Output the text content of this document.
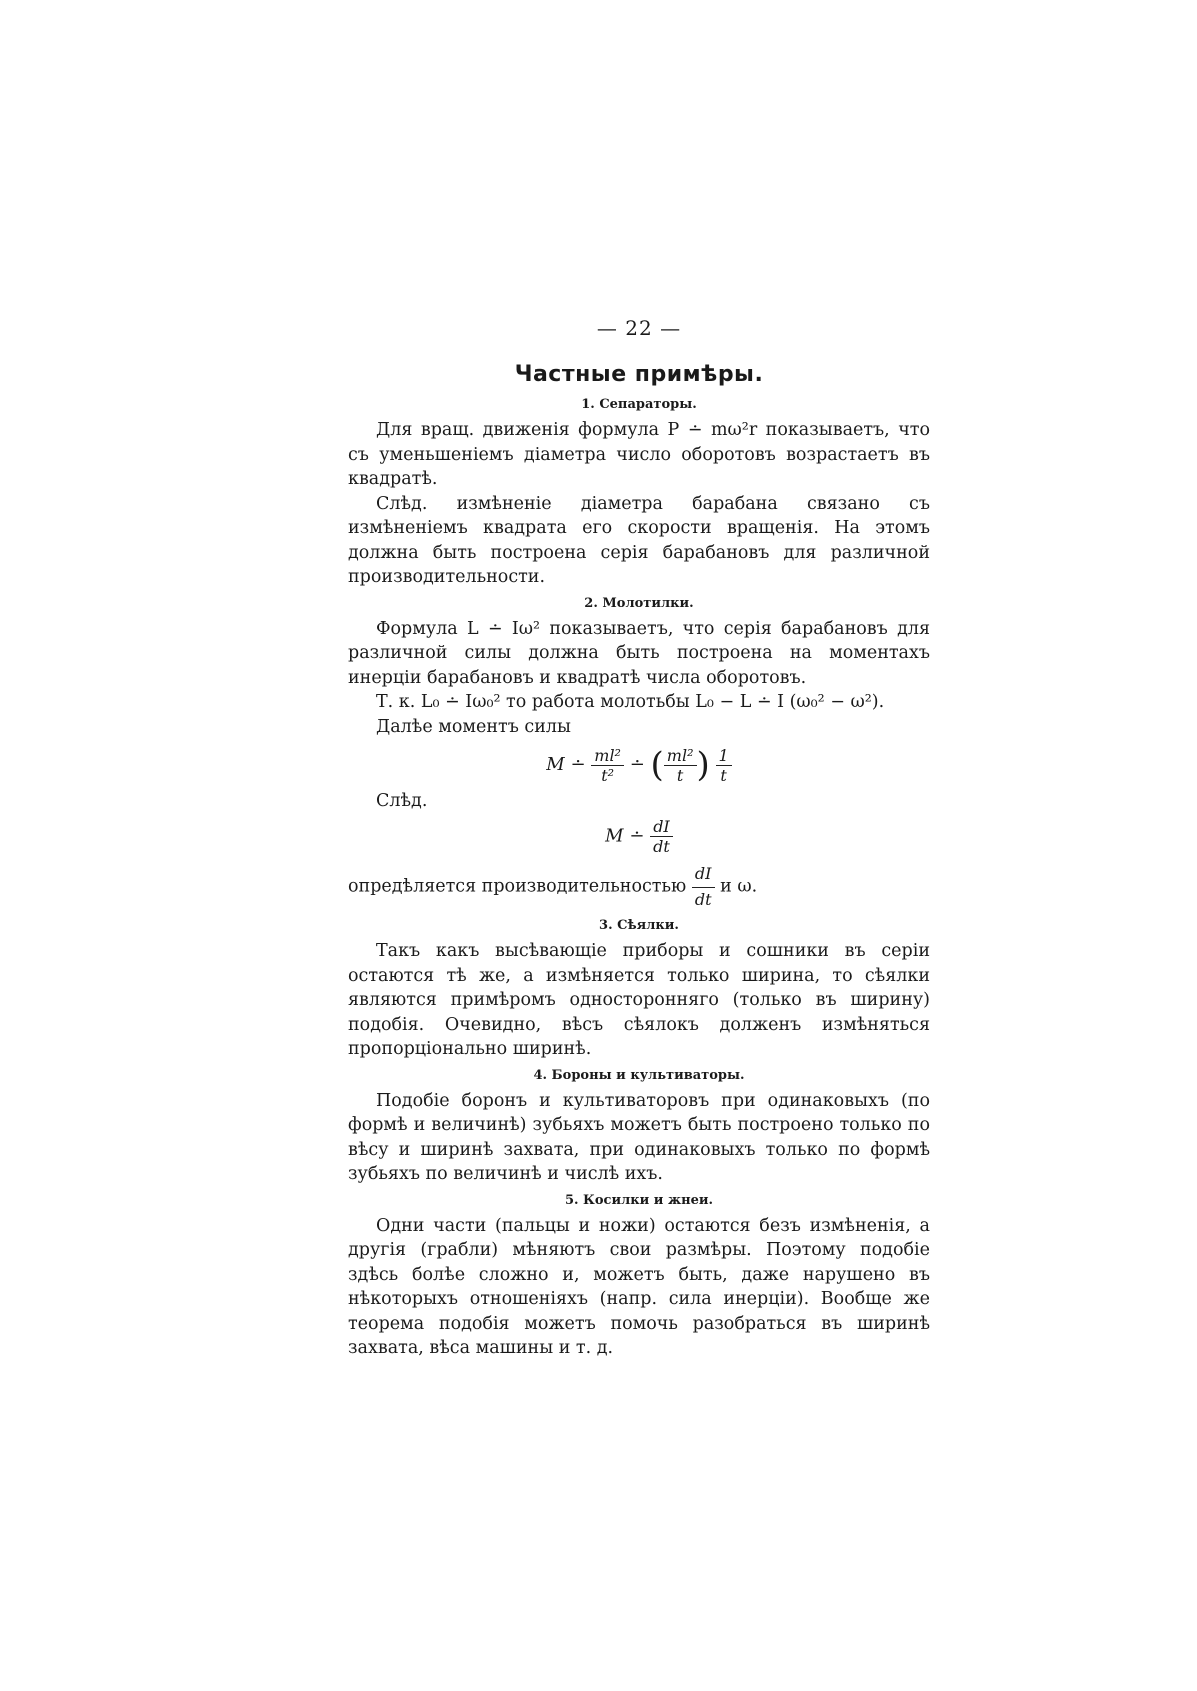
— 22 —
Частные примѣры.
1. Сепараторы.

Для вращ. движенія формула P ∸ mω²r показываетъ, что съ уменьшеніемъ діаметра число оборотовъ возрастаетъ въ квадратѣ.

Слѣд. измѣненіе діаметра барабана связано съ измѣненіемъ квадрата его скорости вращенія. На этомъ должна быть построена серія барабановъ для различной производительности.

2. Молотилки.

Формула L ∸ Iω² показываетъ, что серія барабановъ для различной силы должна быть построена на моментахъ инерціи барабановъ и квадратѣ числа оборотовъ.

Т. к. L₀ ∸ Iω₀² то работа молотьбы L₀ − L ∸ I (ω₀² − ω²).

Далѣе моментъ силы

M ∸ $\frac{\text{ml²}}{\text{t²}}$ ∸ ( $\frac{\text{ml²}}{t}$ ) $\frac{1}{t}$
Слѣд.
M ∸ $\frac{dI}{dt}$

опредѣляется производительностью $\frac{dI}{dt}$ и ω.

3. Сѣялки.

Такъ какъ высѣвающіе приборы и сошники въ серіи остаются тѣ же, а измѣняется только ширина, то сѣялки являются примѣромъ односторонняго (только въ ширину) подобія. Очевидно, вѣсъ сѣялокъ долженъ измѣняться пропорціонально ширинѣ.

4. Бороны и культиваторы.

Подобіе боронъ и культиваторовъ при одинаковыхъ (по формѣ и величинѣ) зубьяхъ можетъ быть построено только по вѣсу и ширинѣ захвата, при одинаковыхъ только по формѣ зубьяхъ по величинѣ и числѣ ихъ.

5. Косилки и жнеи.

Одни части (пальцы и ножи) остаются безъ измѣненія, а другія (грабли) мѣняютъ свои размѣры. Поэтому подобіе здѣсь болѣе сложно и, можетъ быть, даже нарушено въ нѣкоторыхъ отношеніяхъ (напр. сила инерціи). Вообще же теорема подобія можетъ помочь разобраться въ ширинѣ захвата, вѣса машины и т. д.
